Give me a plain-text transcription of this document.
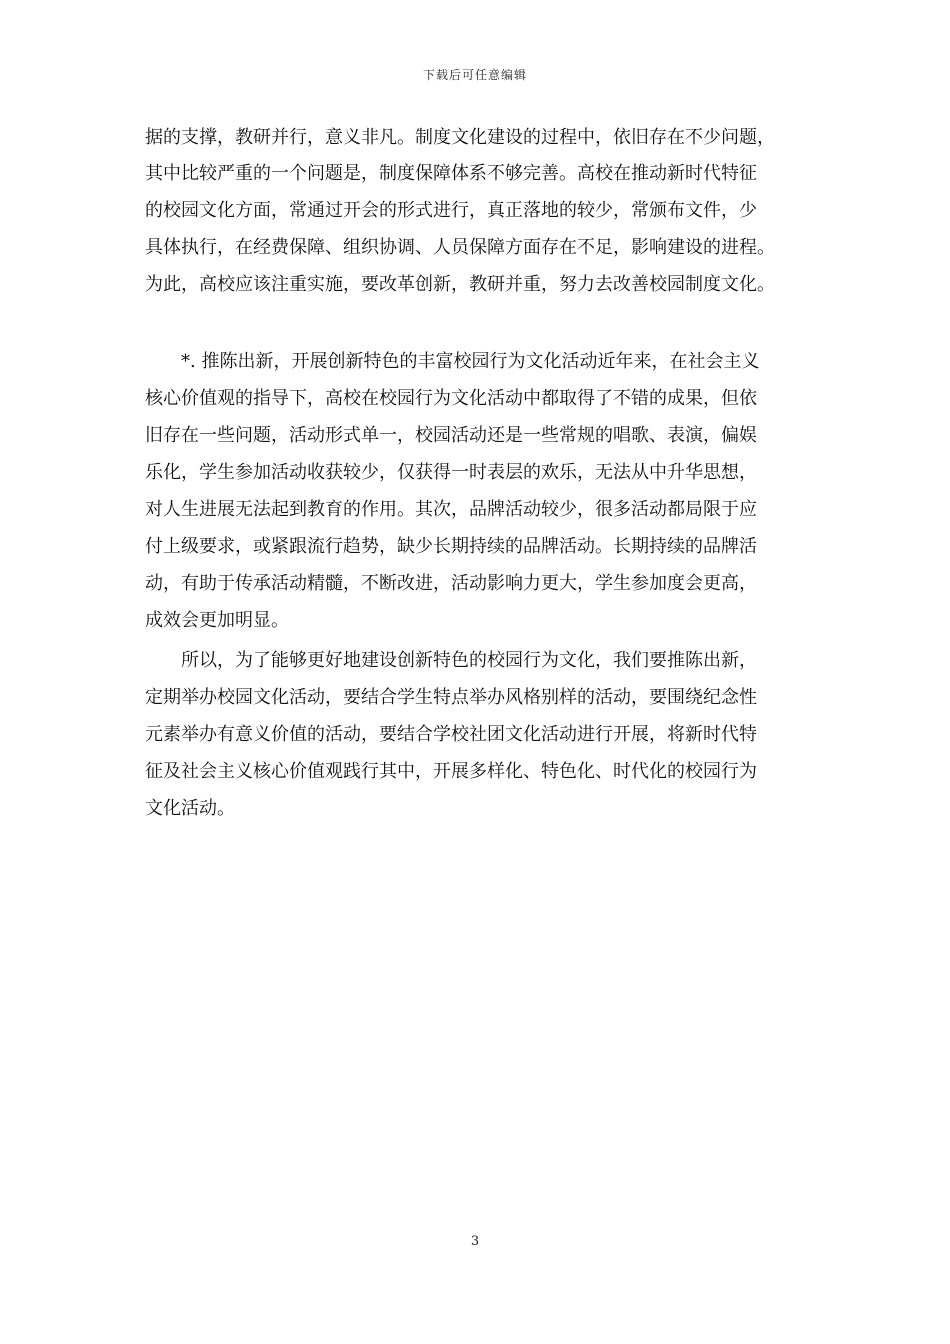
下载后可任意编辑
据的支撑，教研并行，意义非凡。制度文化建设的过程中，依旧存在不少问题，
其中比较严重的一个问题是，制度保障体系不够完善。高校在推动新时代特征
的校园文化方面，常通过开会的形式进行，真正落地的较少，常颁布文件，少
具体执行，在经费保障、组织协调、人员保障方面存在不足，影响建设的进程。
为此，高校应该注重实施，要改革创新，教研并重，努力去改善校园制度文化。
*. 推陈出新，开展创新特色的丰富校园行为文化活动近年来，在社会主义
核心价值观的指导下，高校在校园行为文化活动中都取得了不错的成果，但依
旧存在一些问题，活动形式单一，校园活动还是一些常规的唱歌、表演，偏娱
乐化，学生参加活动收获较少，仅获得一时表层的欢乐，无法从中升华思想，
对人生进展无法起到教育的作用。其次，品牌活动较少，很多活动都局限于应
付上级要求，或紧跟流行趋势，缺少长期持续的品牌活动。长期持续的品牌活
动，有助于传承活动精髓，不断改进，活动影响力更大，学生参加度会更高，
成效会更加明显。
所以，为了能够更好地建设创新特色的校园行为文化，我们要推陈出新，
定期举办校园文化活动，要结合学生特点举办风格别样的活动，要围绕纪念性
元素举办有意义价值的活动，要结合学校社团文化活动进行开展，将新时代特
征及社会主义核心价值观践行其中，开展多样化、特色化、时代化的校园行为
文化活动。
3
